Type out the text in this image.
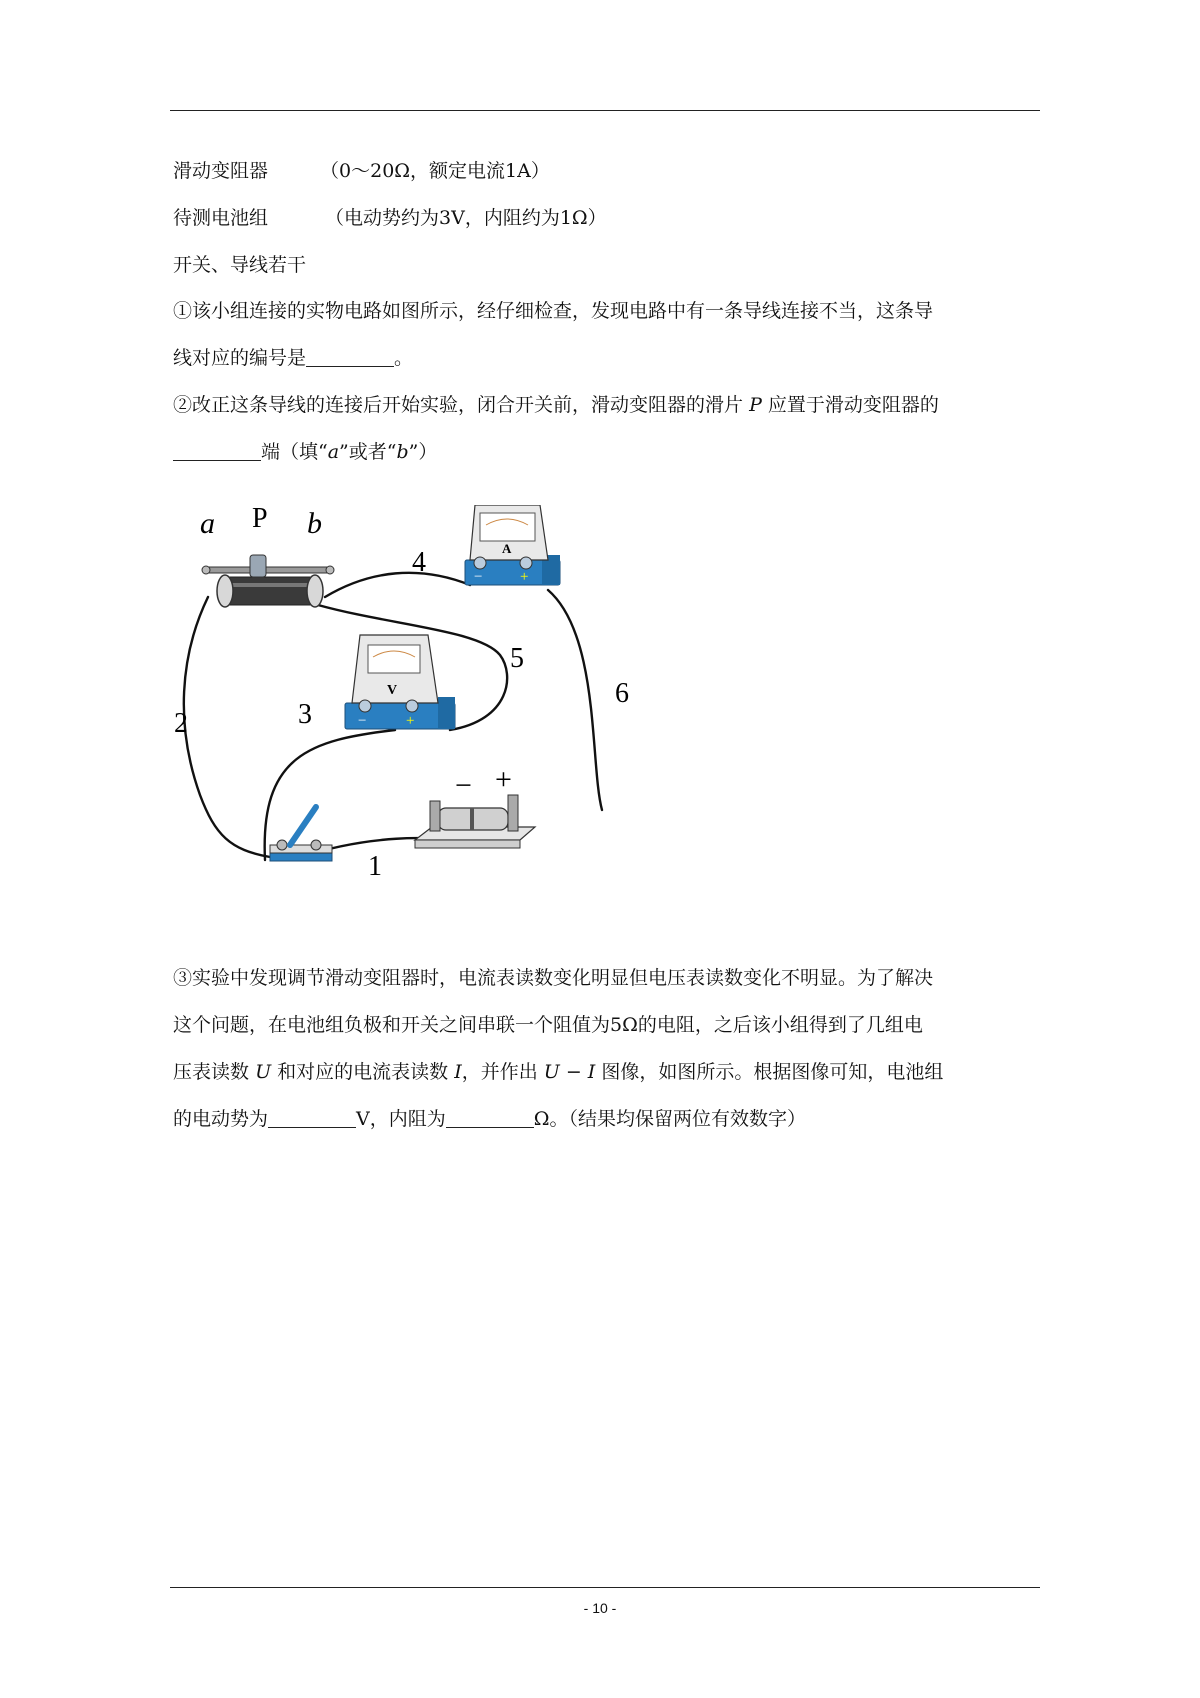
滑动变阻器	（0～20Ω，额定电流1A）
待测电池组	（电动势约为3V，内阻约为1Ω）
开关、导线若干
①该小组连接的实物电路如图所示，经仔细检查，发现电路中有一条导线连接不当，这条导
线对应的编号是	。
②改正这条导线的连接后开始实验，闭合开关前，滑动变阻器的滑片 P 应置于滑动变阻器的
端（填“a”或者“b”）
a P b
A
−	+
V
−	+
− +
1
2	3
4
5
6
③实验中发现调节滑动变阻器时，电流表读数变化明显但电压表读数变化不明显。为了解决
这个问题，在电池组负极和开关之间串联一个阻值为5Ω的电阻，之后该小组得到了几组电
压表读数 U 和对应的电流表读数 I，并作出 U − I 图像，如图所示。根据图像可知，电池组
的电动势为	V，内阻为	Ω。（结果均保留两位有效数字）
- 10 -
